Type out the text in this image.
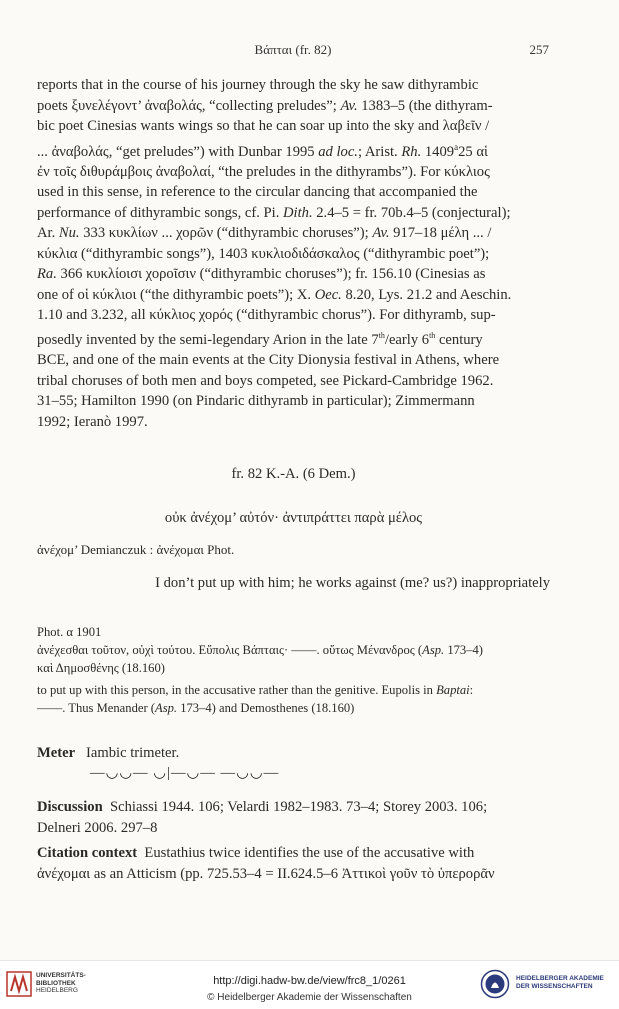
Βάπται (fr. 82)	257

reports that in the course of his journey through the sky he saw dithyrambic

poets ξυνελέγοντ’ ἀναβολάς, “collecting preludes”; Av. 1383–5 (the dithyram-

bic poet Cinesias wants wings so that he can soar up into the sky and λαβεῖν /

... ἀναβολάς, “get preludes”) with Dunbar 1995 ad loc.; Arist. Rh. 1409$^a$25 αἱ

ἐν τοῖς διθυράμβοις ἀναβολαί, “the preludes in the dithyrambs”). For κύκλιος

used in this sense, in reference to the circular dancing that accompanied the

performance of dithyrambic songs, cf. Pi. Dith. 2.4–5 = fr. 70b.4–5 (conjectural);

Ar. Nu. 333 κυκλίων ... χορῶν (“dithyrambic choruses”); Av. 917–18 μέλη ... /

κύκλια (“dithyrambic songs”), 1403 κυκλιοδιδάσκαλος (“dithyrambic poet”);

Ra. 366 κυκλίοισι χοροῖσιν (“dithyrambic choruses”); fr. 156.10 (Cinesias as

one of οἱ κύκλιοι (“the dithyrambic poets”); X. Oec. 8.20, Lys. 21.2 and Aeschin.

1.10 and 3.232, all κύκλιος χορός (“dithyrambic chorus”). For dithyramb, sup-

posedly invented by the semi-legendary Arion in the late 7th/early 6th century

BCE, and one of the main events at the City Dionysia festival in Athens, where

tribal choruses of both men and boys competed, see Pickard-Cambridge 1962.

31–55; Hamilton 1990 (on Pindaric dithyramb in particular); Zimmermann

1992; Ieranò 1997.

fr. 82 K.-A. (6 Dem.)
οὐκ ἀνέχομ’ αὐτόν· ἀντιπράττει παρὰ μέλος
ἀνέχομ’ Demianczuk : ἀνέχομαι Phot.
I don’t put up with him; he works against (me? us?) inappropriately

Phot. α 1901

ἀνέχεσθαι τοῦτον, οὐχὶ τούτου. Εὔπολις Βάπταις· ——. οὕτως Μένανδρος (Asp. 173–4)

καὶ Δημοσθένης (18.160)

to put up with this person, in the accusative rather than the genitive. Eupolis in Baptai:

——. Thus Menander (Asp. 173–4) and Demosthenes (18.160)

Meter Iambic trimeter.
—◡◡— ◡|—◡— —◡◡—
Discussion Schiassi 1944. 106; Velardi 1982–1983. 73–4; Storey 2003. 106;
Delneri 2006. 297–8
Citation context Eustathius twice identifies the use of the accusative with
ἀνέχομαι as an Atticism (pp. 725.53–4 = II.624.5–6 Ἀττικοὶ γοῦν τὸ ὑπερορᾶν
UNIVERSITÄTS-
BIBLIOTHEK
HEIDELBERG
http://digi.hadw-bw.de/view/frc8_1/0261
© Heidelberger Akademie der Wissenschaften
HEIDELBERGER AKADEMIE
DER WISSENSCHAFTEN
